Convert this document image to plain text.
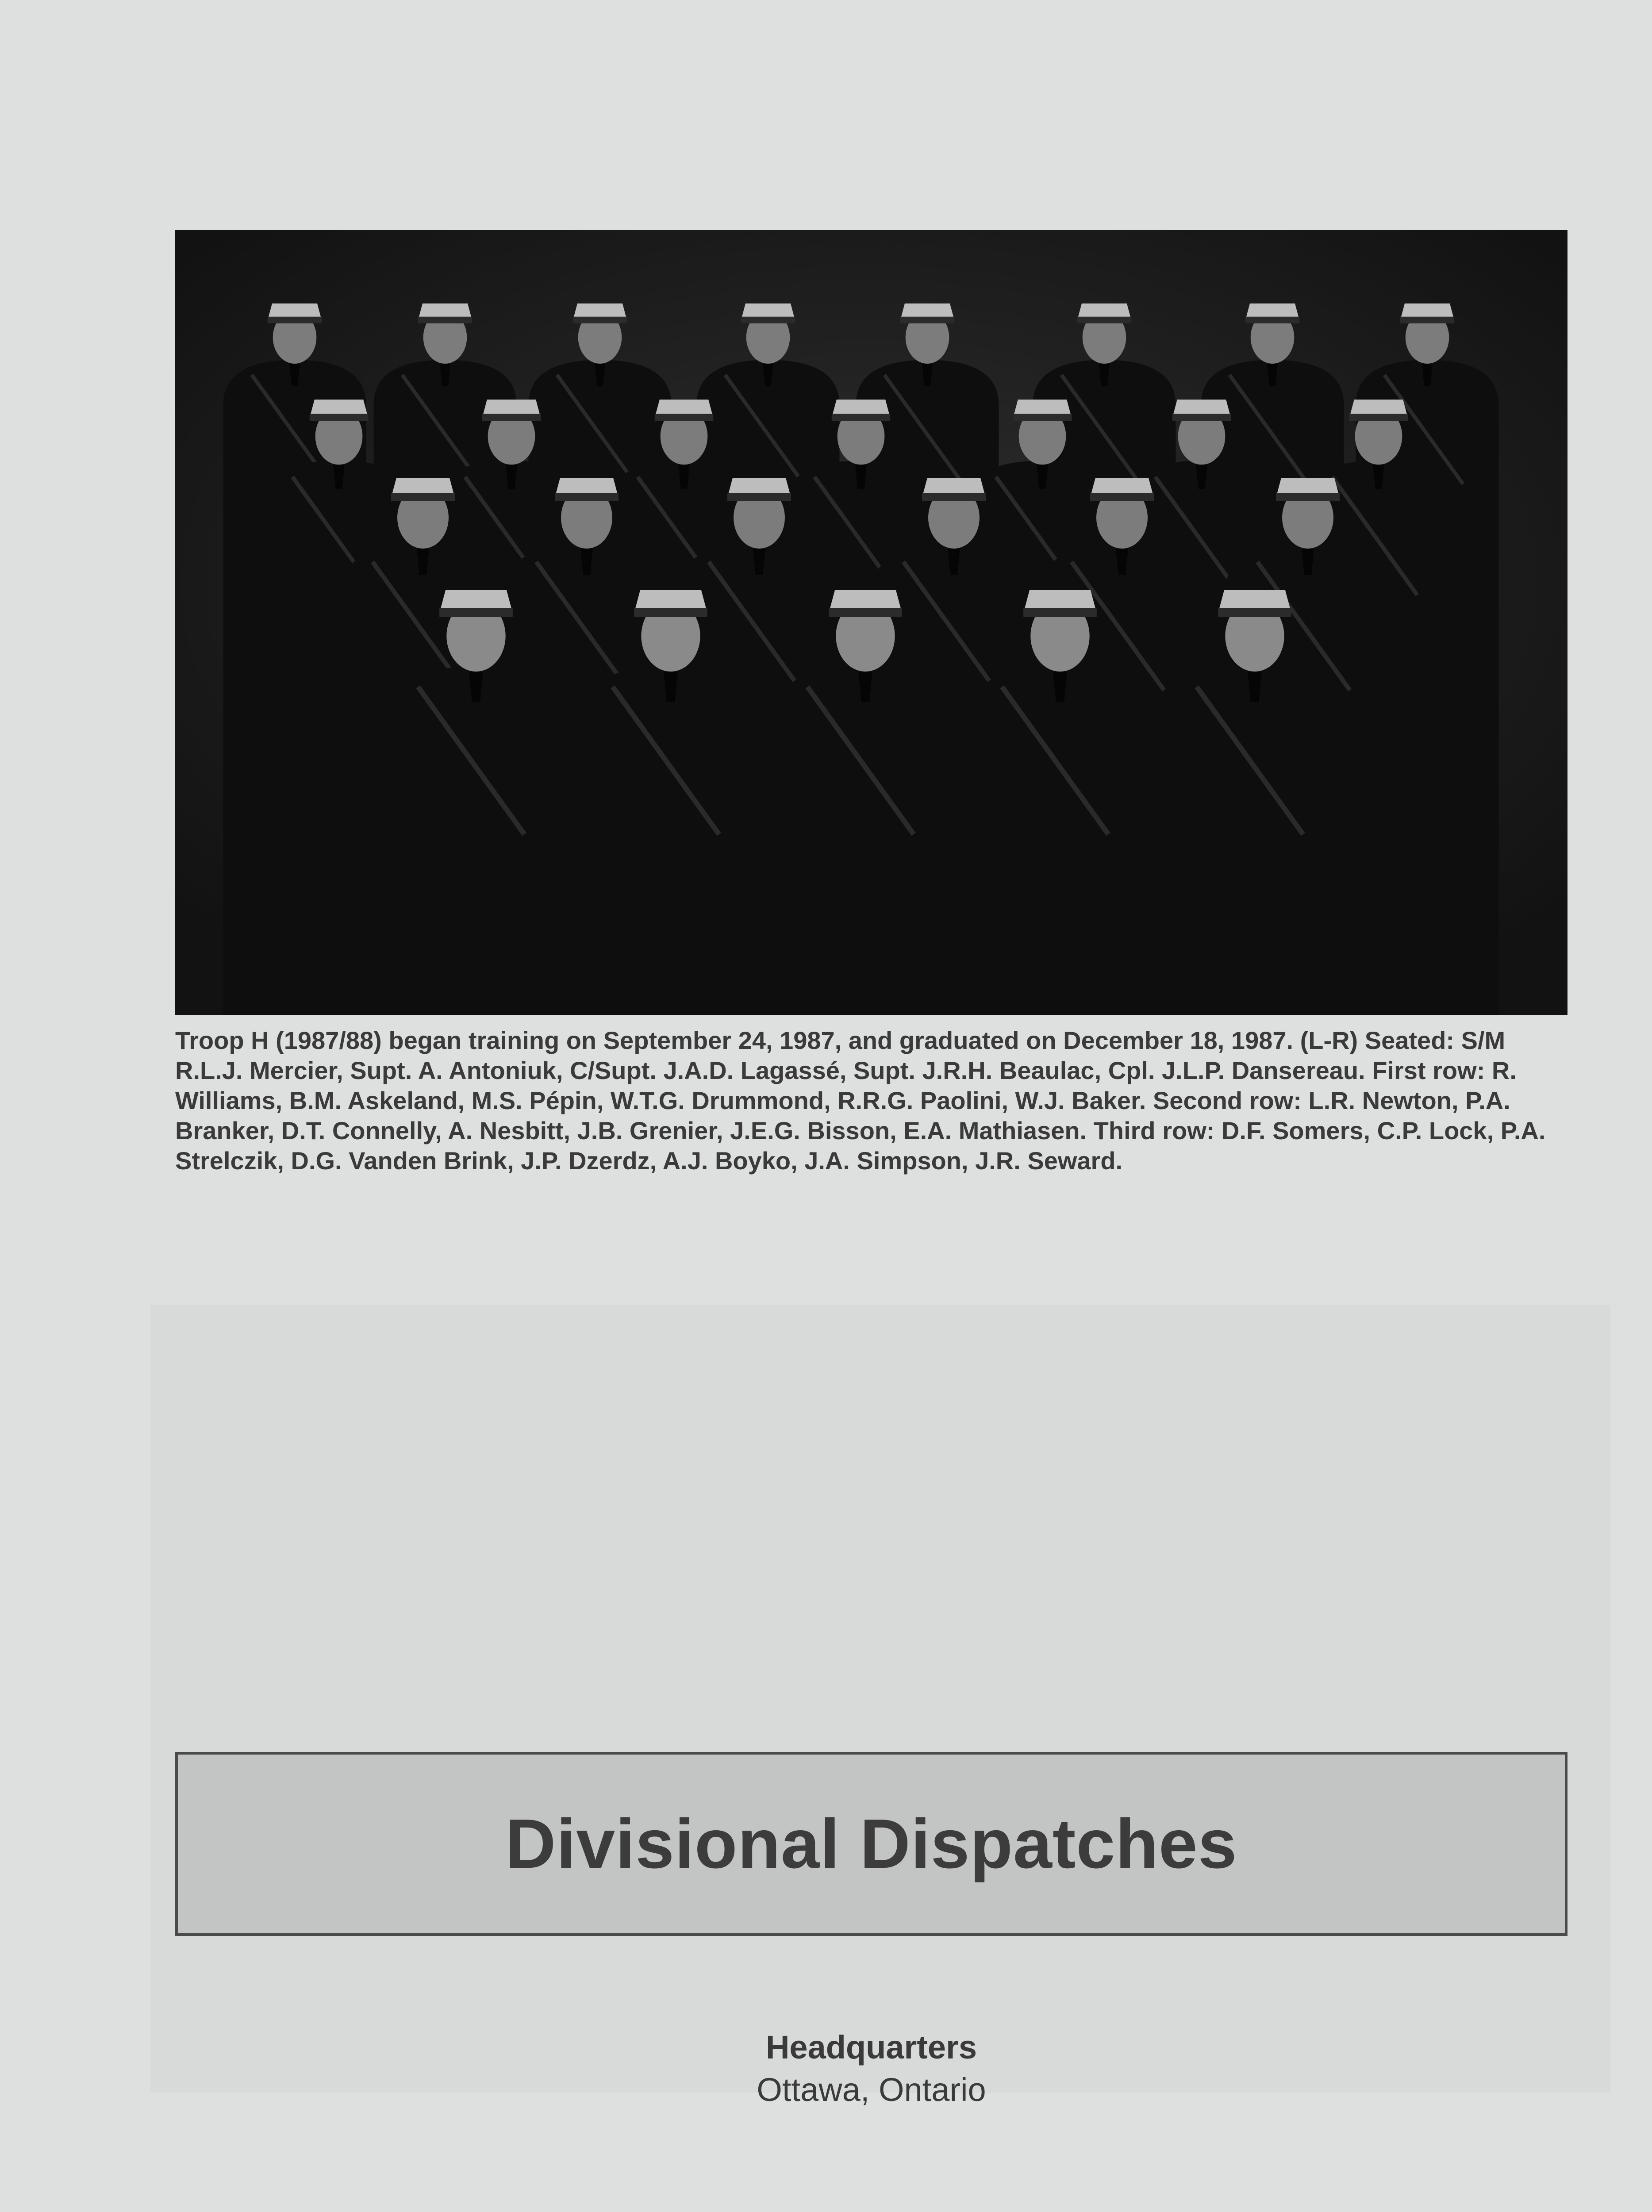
Troop H (1987/88) began training on September 24, 1987, and graduated on December 18, 1987. (L-R) Seated: S/M R.L.J. Mercier, Supt. A. Antoniuk, C/Supt. J.A.D. Lagassé, Supt. J.R.H. Beaulac, Cpl. J.L.P. Dansereau. First row: R. Williams, B.M. Askeland, M.S. Pépin, W.T.G. Drummond, R.R.G. Paolini, W.J. Baker. Second row: L.R. Newton, P.A. Branker, D.T. Connelly, A. Nesbitt, J.B. Grenier, J.E.G. Bisson, E.A. Mathiasen. Third row: D.F. Somers, C.P. Lock, P.A. Strelczik, D.G. Vanden Brink, J.P. Dzerdz, A.J. Boyko, J.A. Simpson, J.R. Seward.

Divisional Dispatches
Headquarters
Ottawa, Ontario
